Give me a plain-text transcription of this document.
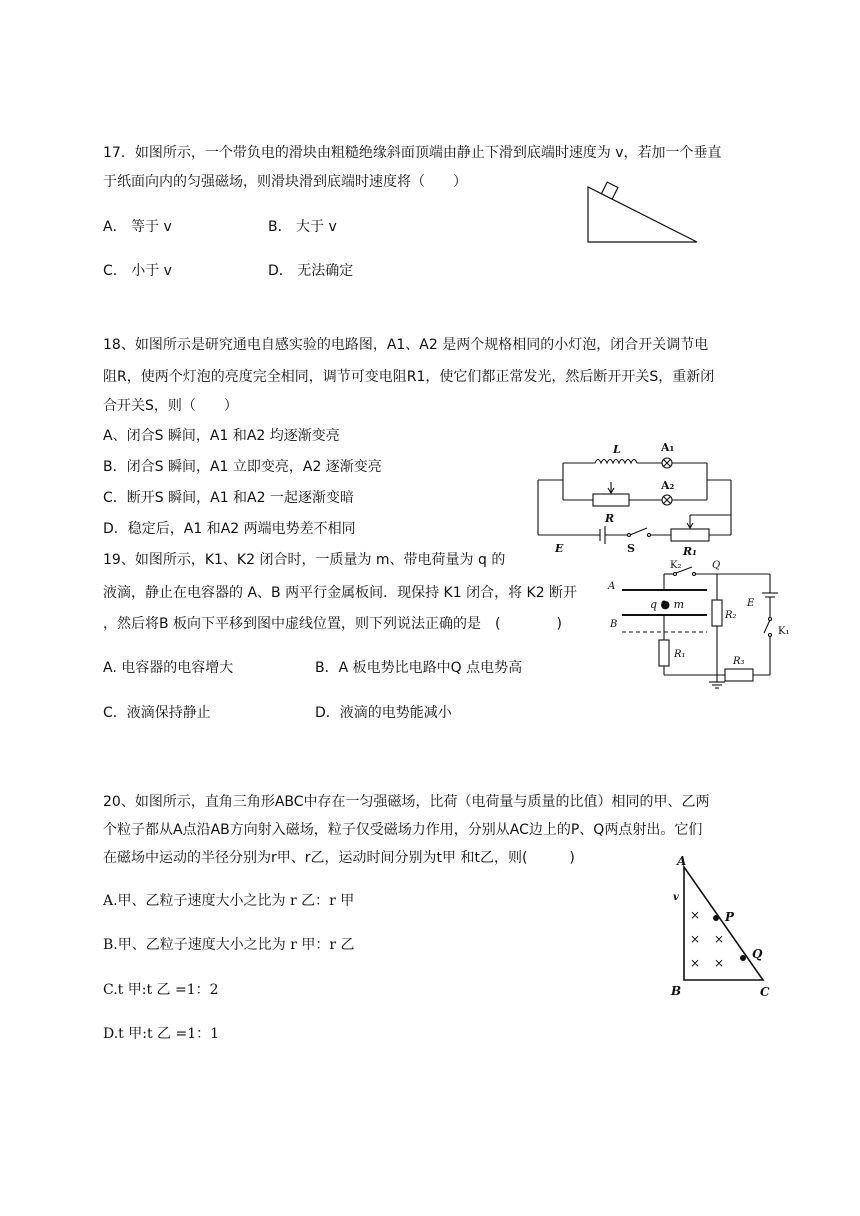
17．如图所示，一个带负电的滑块由粗糙绝缘斜面顶端由静止下滑到底端时速度为 v，若加一个垂直
于纸面向内的匀强磁场，则滑块滑到底端时速度将（　　）
A． 等于 v	B． 大于 v
C． 小于 v	D． 无法确定
18、如图所示是研究通电自感实验的电路图，A1、A2 是两个规格相同的小灯泡，闭合开关调节电
阻R，使两个灯泡的亮度完全相同，调节可变电阻R1，使它们都正常发光，然后断开开关S，重新闭
合开关S，则（　　）
A、闭合S 瞬间，A1 和A2 均逐渐变亮
B．闭合S 瞬间，A1 立即变亮，A2 逐渐变亮
C．断开S 瞬间，A1 和A2 一起逐渐变暗
D．稳定后，A1 和A2 两端电势差不相同
L	A₁
A₂
R
E	S	R₁
19、如图所示，K1、K2 闭合时，一质量为 m、带电荷量为 q 的
液滴，静止在电容器的 A、B 两平行金属板间．现保持 K1 闭合，将 K2 断开
，然后将B 板向下平移到图中虚线位置，则下列说法正确的是　(　　　　)
A. 电容器的电容增大	B．A 板电势比电路中Q 点电势高
C．液滴保持静止	D．液滴的电势能减小
A
B
q ● m
K₂	Q
E
K₁
R₁
R₂
R₃
20、如图所示，直角三角形ABC中存在一匀强磁场，比荷（电荷量与质量的比值）相同的甲、乙两
个粒子都从A点沿AB方向射入磁场，粒子仅受磁场力作用，分别从AC边上的P、Q两点射出。它们
在磁场中运动的半径分别为r甲、r乙，运动时间分别为t甲 和t乙，则(　　　)
A.甲、乙粒子速度大小之比为 r 乙：r 甲
B.甲、乙粒子速度大小之比为 r 甲：r 乙
C.t 甲:t 乙 =1：2
D.t 甲:t 乙 =1：1
×
× ×
× ×
A
B	C
P
Q
v
